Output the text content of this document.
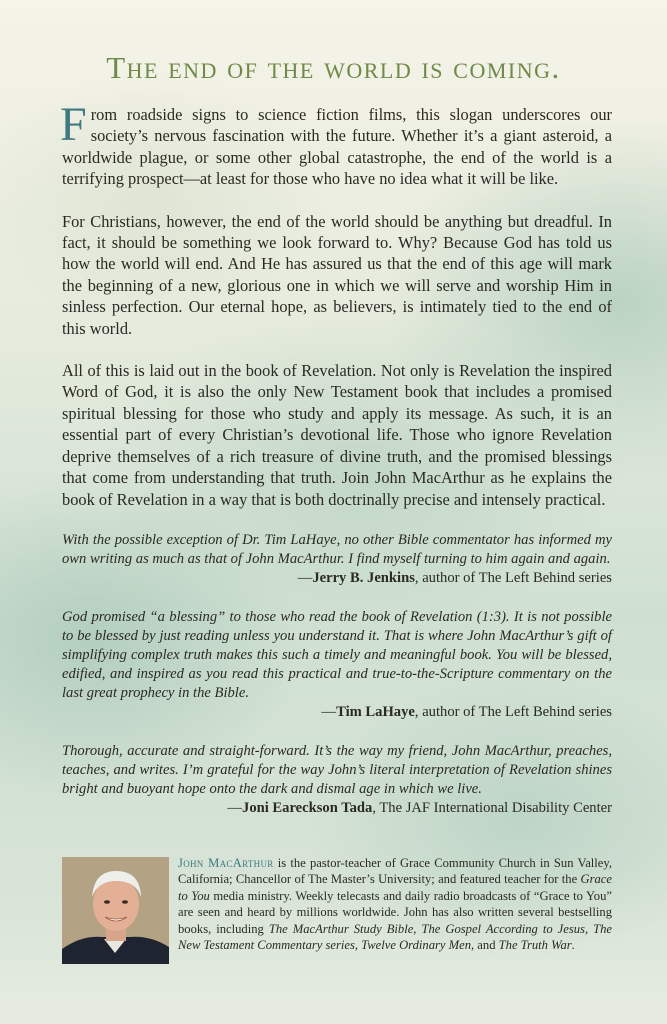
The end of the world is coming.

From roadside signs to science fiction films, this slogan underscores our society’s nervous fascination with the future. Whether it’s a giant asteroid, a worldwide plague, or some other global catastrophe, the end of the world is a terrifying prospect—at least for those who have no idea what it will be like.

For Christians, however, the end of the world should be anything but dreadful. In fact, it should be something we look forward to. Why? Because God has told us how the world will end. And He has assured us that the end of this age will mark the beginning of a new, glorious one in which we will serve and worship Him in sinless perfection. Our eternal hope, as believers, is intimately tied to the end of this world.

All of this is laid out in the book of Revelation. Not only is Revelation the inspired Word of God, it is also the only New Testament book that includes a promised spiritual blessing for those who study and apply its message. As such, it is an essential part of every Christian’s devotional life. Those who ignore Revelation deprive themselves of a rich treasure of divine truth, and the promised blessings that come from understanding that truth. Join John MacArthur as he explains the book of Revelation in a way that is both doctrinally precise and intensely practical.

With the possible exception of Dr. Tim LaHaye, no other Bible commentator has informed my own writing as much as that of John MacArthur. I find myself turning to him again and again.

—Jerry B. Jenkins, author of The Left Behind series

God promised “a blessing” to those who read the book of Revelation (1:3). It is not possible to be blessed by just reading unless you understand it. That is where John MacArthur’s gift of simplifying complex truth makes this such a timely and meaningful book. You will be blessed, edified, and inspired as you read this practical and true-to-the-Scripture commentary on the last great prophecy in the Bible.

—Tim LaHaye, author of The Left Behind series

Thorough, accurate and straight-forward. It’s the way my friend, John MacArthur, preaches, teaches, and writes. I’m grateful for the way John’s literal interpretation of Revelation shines bright and buoyant hope onto the dark and dismal age in which we live.

—Joni Eareckson Tada, The JAF International Disability Center

John MacArthur is the pastor-teacher of Grace Community Church in Sun Valley, California; Chancellor of The Master’s University; and featured teacher for the Grace to You media ministry. Weekly telecasts and daily radio broadcasts of “Grace to You” are seen and heard by millions worldwide. John has also written several bestselling books, including The MacArthur Study Bible, The Gospel According to Jesus, The New Testament Commentary series, Twelve Ordinary Men, and The Truth War.
